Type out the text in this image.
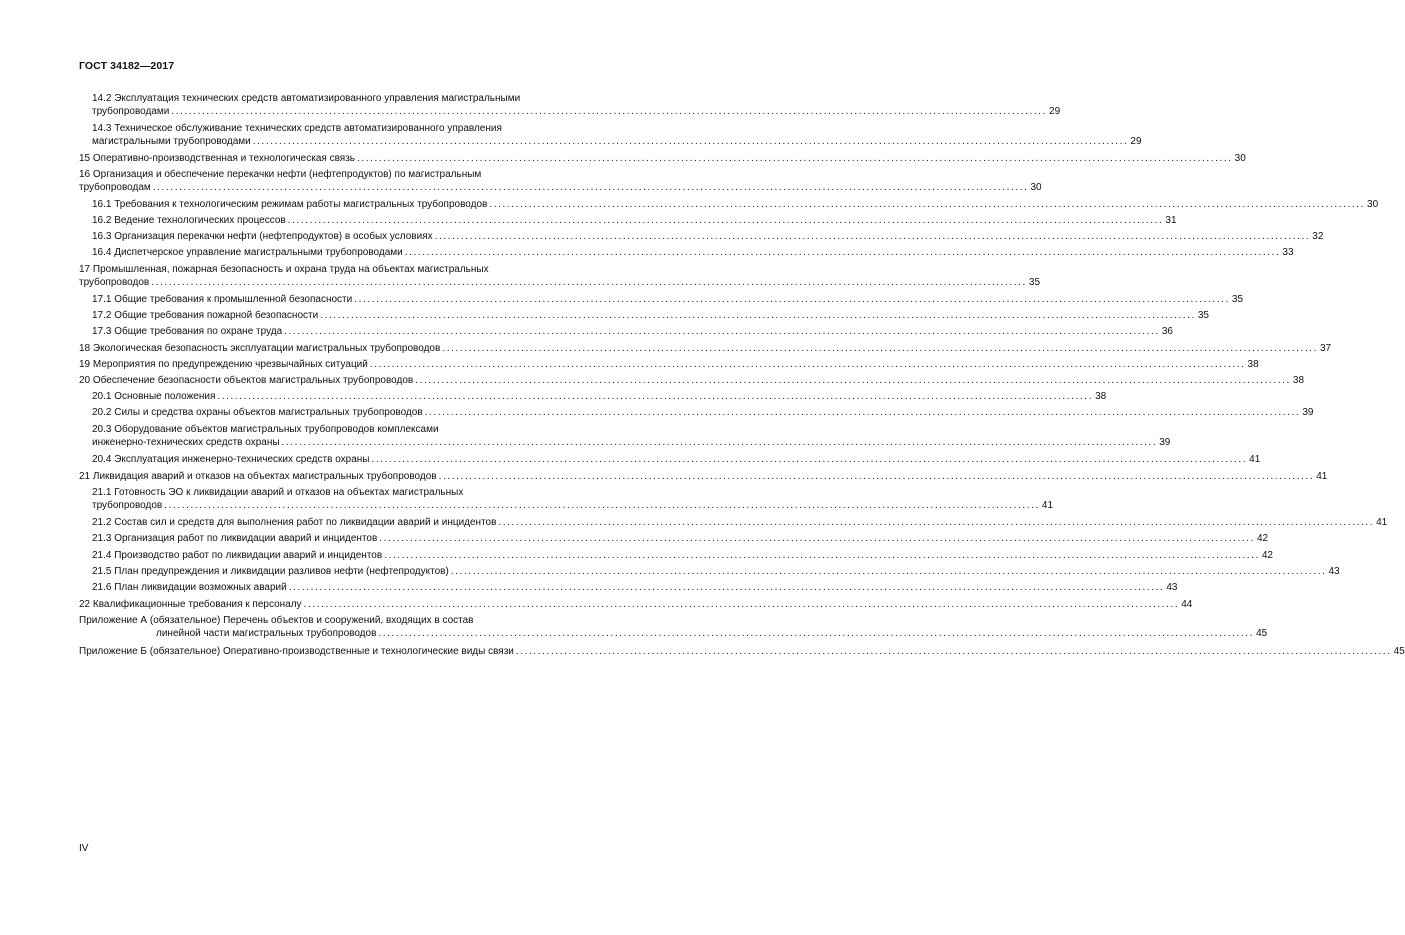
ГОСТ 34182—2017
14.2 Эксплуатация технических средств автоматизированного управления магистральными
трубопроводами ........................................................................................................................................................................................................ 29
14.3 Техническое обслуживание технических средств автоматизированного управления
магистральными трубопроводами ........................................................................................................................................................................................................ 29
15 Оперативно-производственная и технологическая связь ........................................................................................................................................................................................................ 30
16 Организация и обеспечение перекачки нефти (нефтепродуктов) по магистральным
трубопроводам ........................................................................................................................................................................................................ 30
16.1 Требования к технологическим режимам работы магистральных трубопроводов ........................................................................................................................................................................................................ 30
16.2 Ведение технологических процессов ........................................................................................................................................................................................................ 31
16.3 Организация перекачки нефти (нефтепродуктов) в особых условиях ........................................................................................................................................................................................................ 32
16.4 Диспетчерское управление магистральными трубопроводами ........................................................................................................................................................................................................ 33
17 Промышленная, пожарная безопасность и охрана труда на объектах магистральных
трубопроводов ........................................................................................................................................................................................................ 35
17.1 Общие требования к промышленной безопасности ........................................................................................................................................................................................................ 35
17.2 Общие требования пожарной безопасности ........................................................................................................................................................................................................ 35
17.3 Общие требования по охране труда ........................................................................................................................................................................................................ 36
18 Экологическая безопасность эксплуатации магистральных трубопроводов ........................................................................................................................................................................................................ 37
19 Мероприятия по предупреждению чрезвычайных ситуаций ........................................................................................................................................................................................................ 38
20 Обеспечение безопасности объектов магистральных трубопроводов ........................................................................................................................................................................................................ 38
20.1 Основные положения ........................................................................................................................................................................................................ 38
20.2 Силы и средства охраны объектов магистральных трубопроводов ........................................................................................................................................................................................................ 39
20.3 Оборудование объектов магистральных трубопроводов комплексами
инженерно-технических средств охраны ........................................................................................................................................................................................................ 39
20.4 Эксплуатация инженерно-технических средств охраны ........................................................................................................................................................................................................ 41
21 Ликвидация аварий и отказов на объектах магистральных трубопроводов ........................................................................................................................................................................................................ 41
21.1 Готовность ЭО к ликвидации аварий и отказов на объектах магистральных
трубопроводов ........................................................................................................................................................................................................ 41
21.2 Состав сил и средств для выполнения работ по ликвидации аварий и инцидентов ........................................................................................................................................................................................................ 41
21.3 Организация работ по ликвидации аварий и инцидентов ........................................................................................................................................................................................................ 42
21.4 Производство работ по ликвидации аварий и инцидентов ........................................................................................................................................................................................................ 42
21.5 План предупреждения и ликвидации разливов нефти (нефтепродуктов) ........................................................................................................................................................................................................ 43
21.6 План ликвидации возможных аварий ........................................................................................................................................................................................................ 43
22 Квалификационные требования к персоналу ........................................................................................................................................................................................................ 44
Приложение А (обязательное) Перечень объектов и сооружений, входящих в состав
линейной части магистральных трубопроводов ........................................................................................................................................................................................................ 45
Приложение Б (обязательное) Оперативно-производственные и технологические виды связи ........................................................................................................................................................................................................ 45
IV
